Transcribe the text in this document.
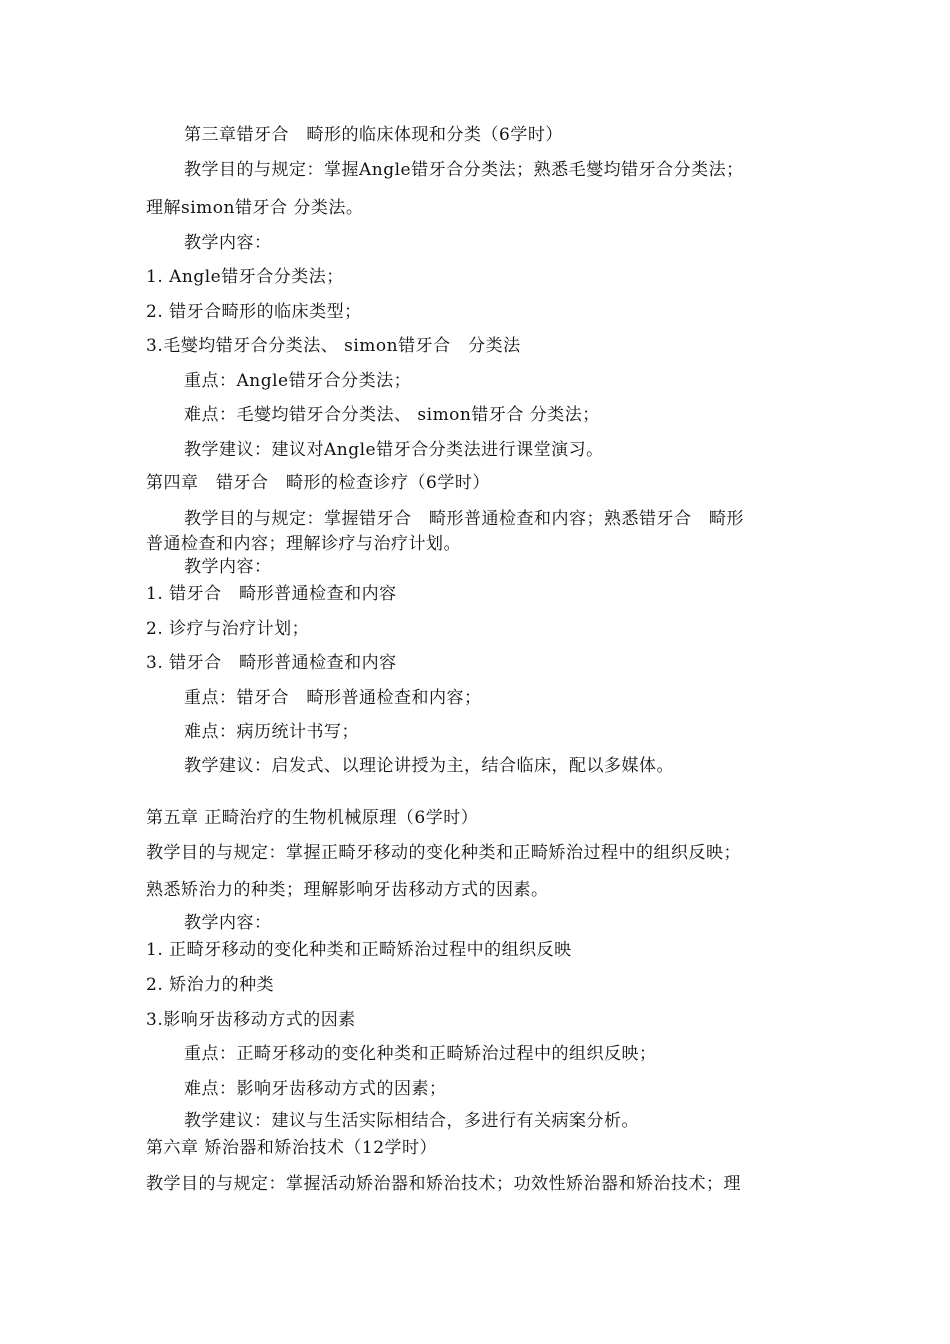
第三章错牙合　畸形的临床体现和分类（6学时）

教学目的与规定：掌握Angle错牙合分类法；熟悉毛燮均错牙合分类法；

理解simon错牙合 分类法。

教学内容：

1. Angle错牙合分类法；

2. 错牙合畸形的临床类型；

3.毛燮均错牙合分类法、 simon错牙合　分类法

重点：Angle错牙合分类法；

难点：毛燮均错牙合分类法、 simon错牙合 分类法；

教学建议：建议对Angle错牙合分类法进行课堂演习。

第四章　错牙合　畸形的检查诊疗（6学时）

教学目的与规定：掌握错牙合　畸形普通检查和内容；熟悉错牙合　畸形

普通检查和内容；理解诊疗与治疗计划。

教学内容：

1. 错牙合　畸形普通检查和内容

2. 诊疗与治疗计划；

3. 错牙合　畸形普通检查和内容

重点：错牙合　畸形普通检查和内容；

难点：病历统计书写；

教学建议：启发式、以理论讲授为主，结合临床，配以多媒体。

第五章 正畸治疗的生物机械原理（6学时）

教学目的与规定：掌握正畸牙移动的变化种类和正畸矫治过程中的组织反映；

熟悉矫治力的种类；理解影响牙齿移动方式的因素。

教学内容：

1. 正畸牙移动的变化种类和正畸矫治过程中的组织反映

2. 矫治力的种类

3.影响牙齿移动方式的因素

重点：正畸牙移动的变化种类和正畸矫治过程中的组织反映；

难点：影响牙齿移动方式的因素；

教学建议：建议与生活实际相结合，多进行有关病案分析。

第六章 矫治器和矫治技术（12学时）

教学目的与规定：掌握活动矫治器和矫治技术；功效性矫治器和矫治技术；理
